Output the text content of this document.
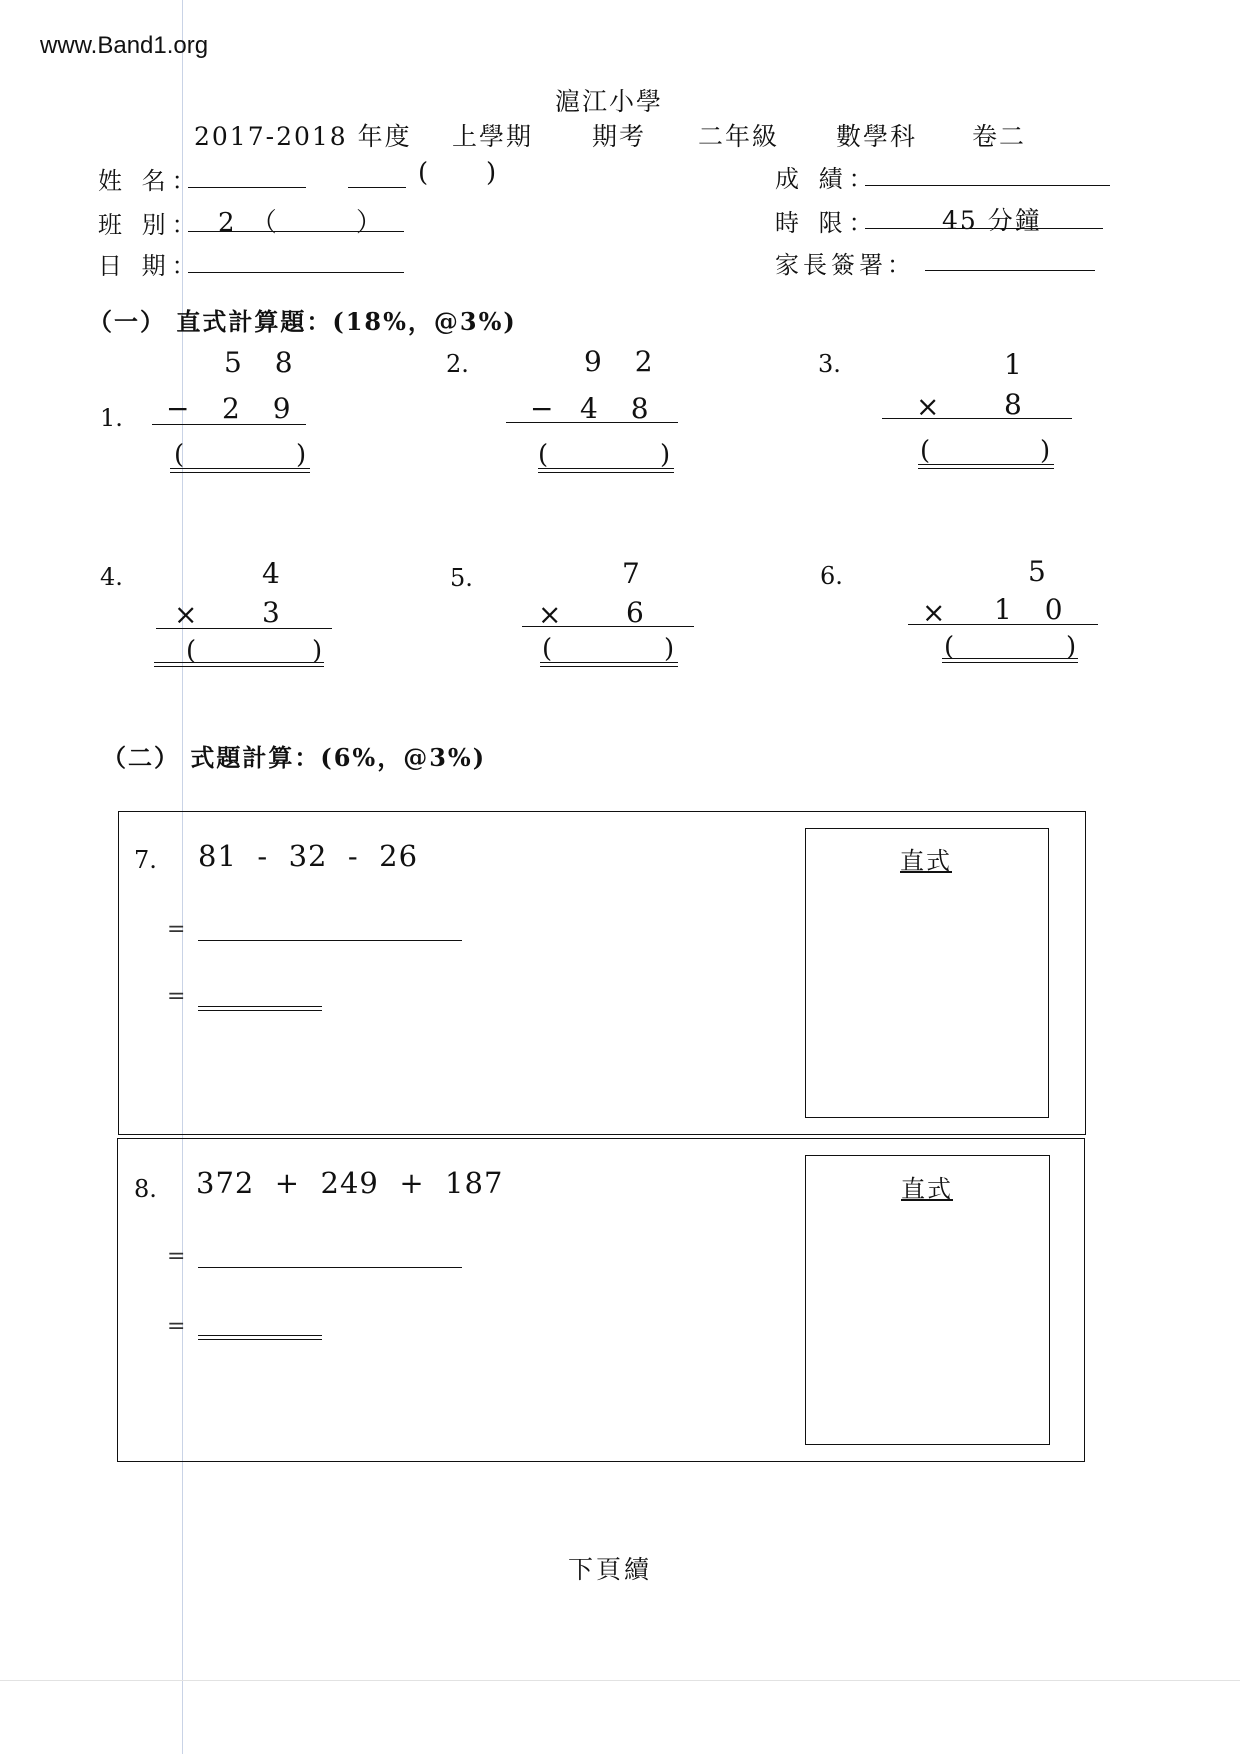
www.Band1.org
滬江小學
2017-2018 年度 上學期 期考 二年級 數學科 卷二
姓 名：	( )	成 績：
班 別： 2 （	）	時 限：	45 分鐘
日 期：	家長簽署：
（一） 直式計算題：(18%，@3%)
1.
5 8
− 2 9
(	)
2.	9 2
− 4 8
(	)
3.	1
× 8
(	)
4.	4
× 3
(	)
5.	7
× 6
(	)
6.	5
× 1 0
(	)
（二） 式題計算：(6%，@3%)
7. 81  -  32  -  26
=
=
直式
8. 372  +  249  +  187
=
=
直式
下頁續
